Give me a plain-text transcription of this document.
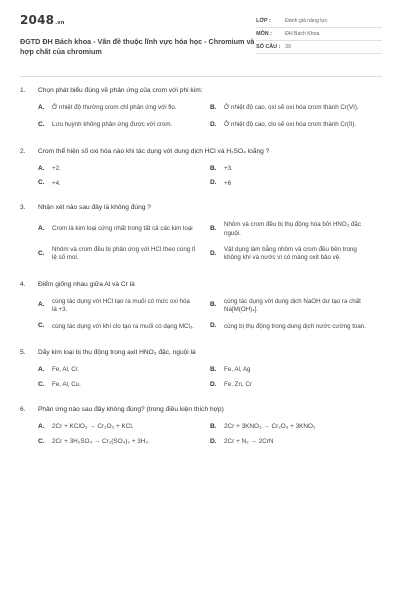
2048.vn
ĐGTD ĐH Bách khoa - Vấn đề thuộc lĩnh vực hóa học - Chromium và hợp chất của chromium
LỚP :	Đánh giá năng lực
MÔN :	ĐH Bách Khoa
SỐ CÂU : 39
1.	Chọn phát biểu đúng về phản ứng của crom với phi kim:
A.	Ở nhiệt độ thường crom chỉ phản ứng với flo.	B.	Ở nhiệt độ cao, oxi sẽ oxi hóa crom thành Cr(VI).
C.	Lưu huỳnh không phản ứng được với crom.	D.	Ở nhiệt độ cao, clo sẽ oxi hóa crom thành Cr(II).
2.	Crom thể hiện số oxi hóa nào khi tác dụng với dung dịch HCl và H₂SO₄ loãng ?
A.	+2.	B.	+3.
C.	+4.	D.	+6
3.	Nhận xét nào sau đây là không đúng ?
A.	Crom là kim loại cứng nhất trong tất cả các kim loại	B.
Nhôm và crom đều bị thụ động hóa bởi HNO₃ đặc nguội.
C.
Nhôm và crom đều bị phản ứng với HCl theo cùng tỉ lệ số mol.
D.
Vật dụng làm bằng nhôm và crom đều bền trong không khí và nước vì có màng oxit bảo vệ.
4.	Điểm giống nhau giữa Al và Cr là
A.
cùng tác dụng với HCl tạo ra muối có mức oxi hóa là +3.
B.
cùng tác dụng với dung dịch NaOH dư tạo ra chất Na[M(OH)₄].
C.	cùng tác dụng với khí clo tạo ra muối có dạng MCl₃.	D.	cùng bị thụ động trong dung dịch nước cường toan.
5.	Dãy kim loại bị thụ động trong axit HNO₃ đặc, nguội là
A.	Fe, Al, Cr.	B.	Fe, Al, Ag
C.	Fe, Al, Cu.	D.	Fe, Zn, Cr
6.	Phản ứng nào sau đây không đúng? (trong điều kiện thích hợp)
A.	2Cr + KClO₃ → Cr₂O₃ + KCl.	B.	2Cr + 3KNO₃ → Cr₂O₃ + 3KNO₂
C.	2Cr + 3H₂SO₄ → Cr₂(SO₄)₃ + 3H₂.	D.	2Cr + N₂ → 2CrN
